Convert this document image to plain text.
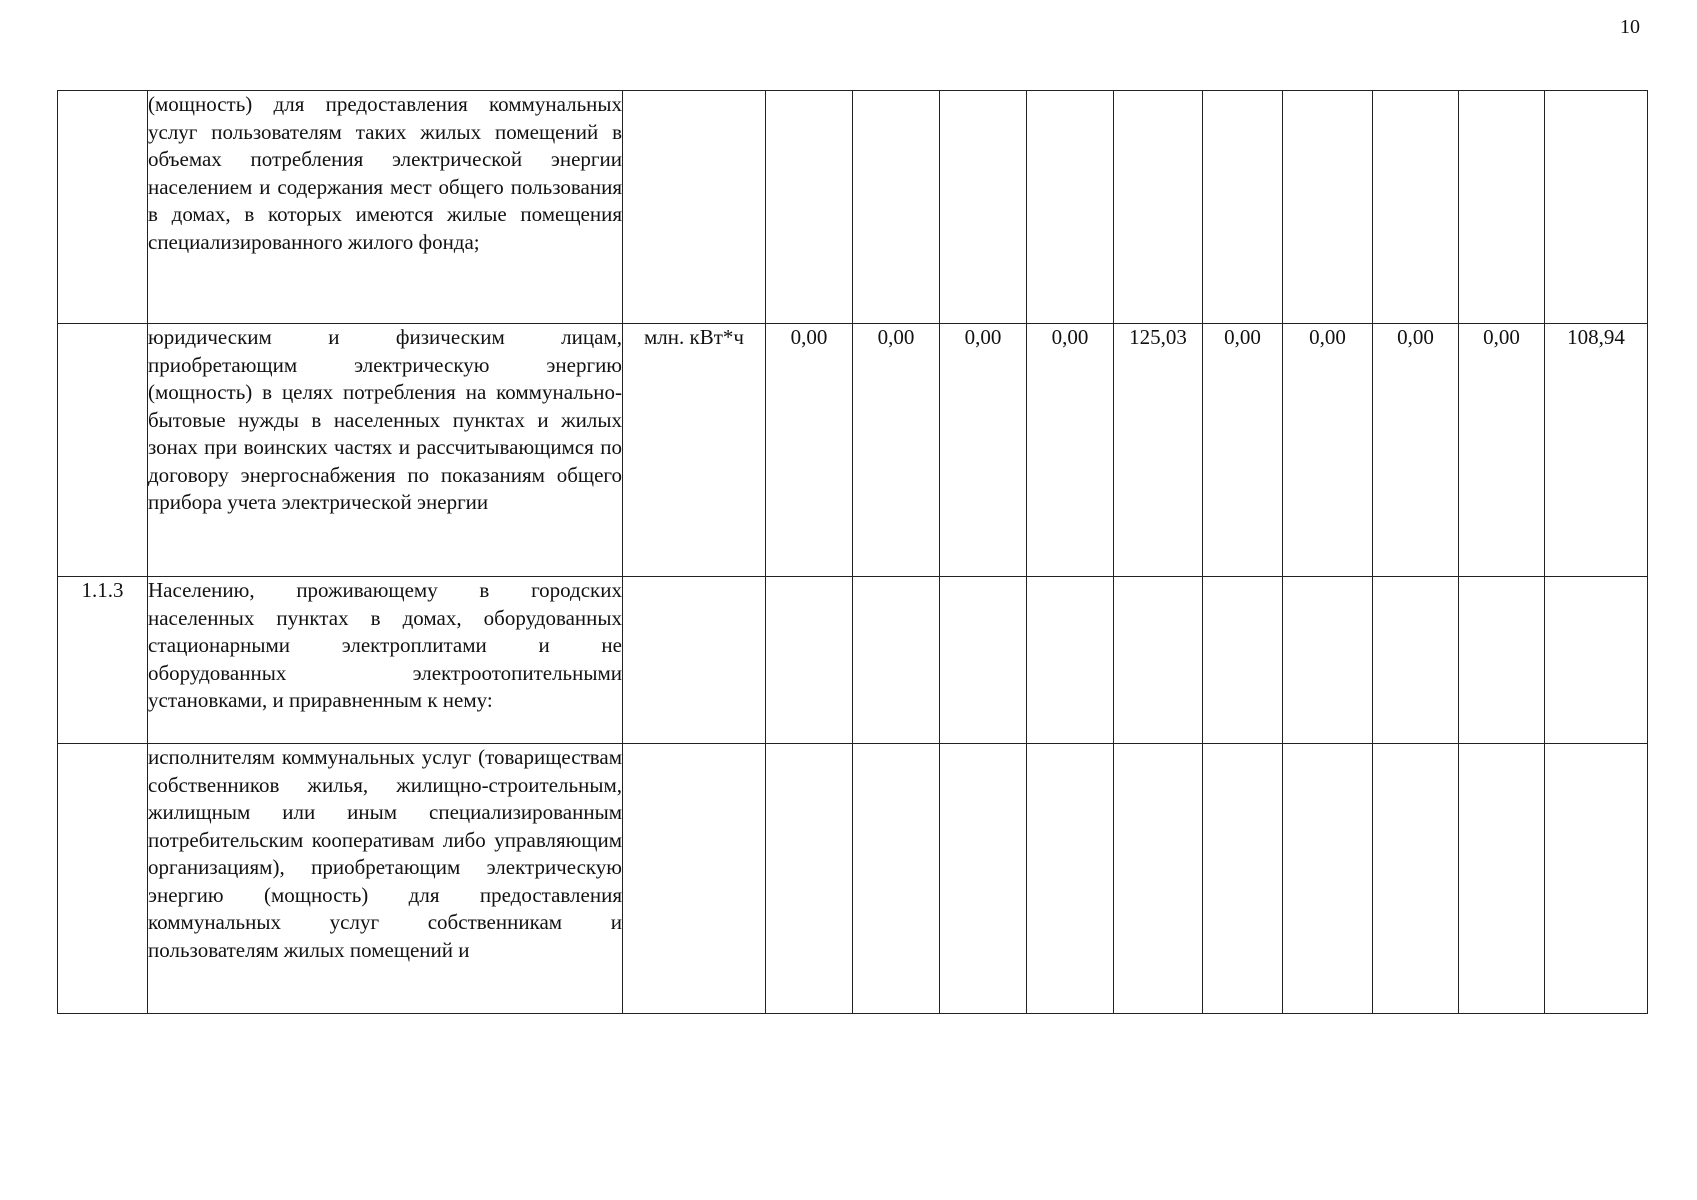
10
	(мощность) для предоставления коммунальных услуг пользователям таких жилых помещений в объемах потребления электрической энергии населением и содержания мест общего пользования в домах, в которых имеются жилые помещения специализированного жилого фонда;											
	юридическим и физическим лицам, приобретающим электрическую энергию (мощность) в целях потребления на коммунально-бытовые нужды в населенных пунктах и жилых зонах при воинских частях и рассчитывающимся по договору энергоснабжения по показаниям общего прибора учета электрической энергии	млн. кВт*ч	0,00	0,00	0,00	0,00	125,03	0,00	0,00	0,00	0,00	108,94
1.1.3	Населению, проживающему в городских населенных пунктах в домах, оборудованных стационарными электроплитами и не оборудованных электроотопительными установками, и приравненным к нему:											
	исполнителям коммунальных услуг (товариществам собственников жилья, жилищно-строительным, жилищным или иным специализированным потребительским кооперативам либо управляющим организациям), приобретающим электрическую энергию (мощность) для предоставления коммунальных услуг собственникам и пользователям жилых помещений и											
